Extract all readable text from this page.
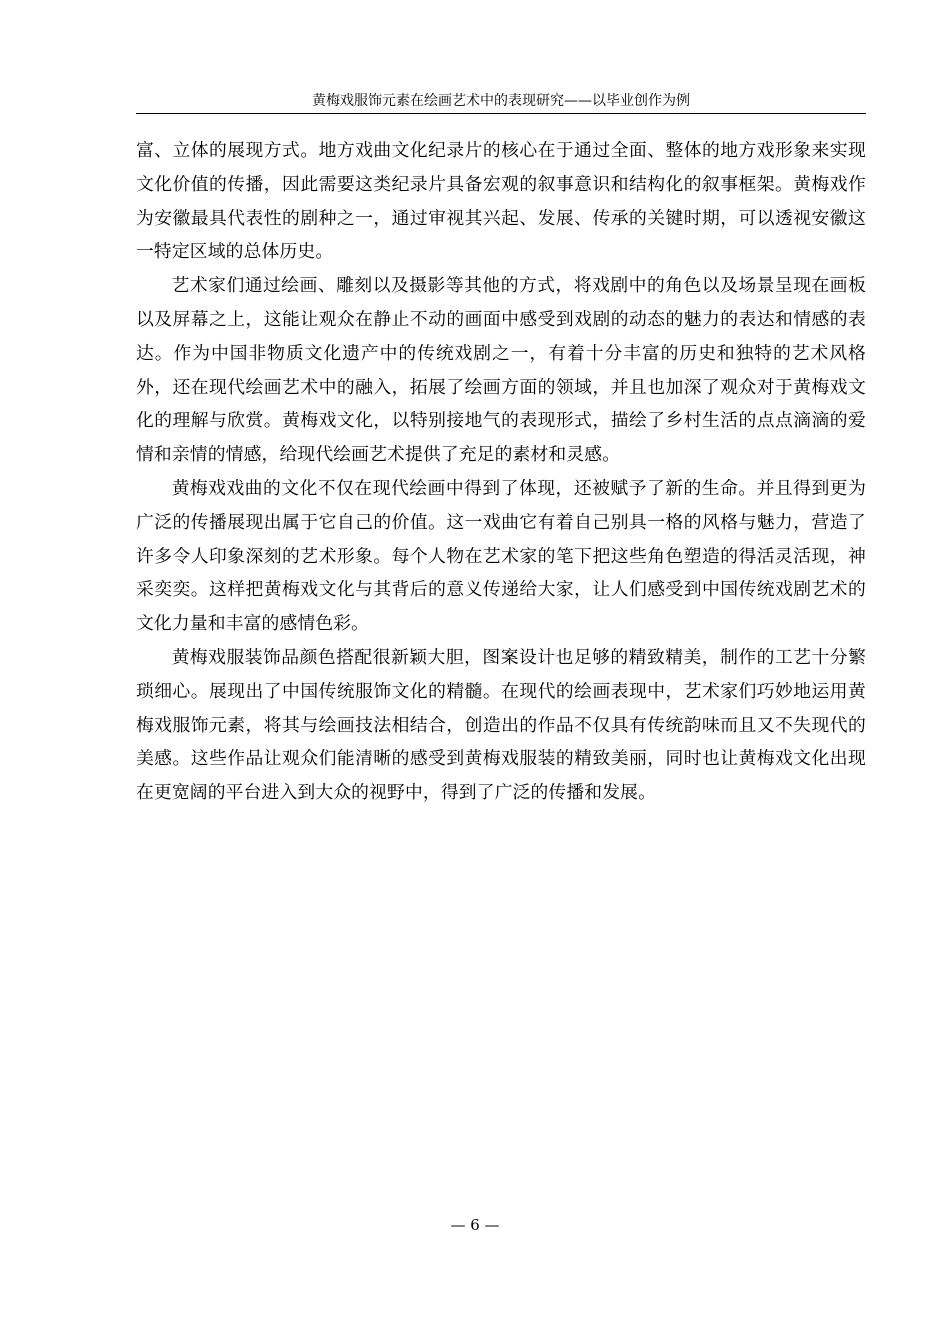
黄梅戏服饰元素在绘画艺术中的表现研究——以毕业创作为例

富、立体的展现方式。地方戏曲文化纪录片的核心在于通过全面、整体的地方戏形象来实现文化价值的传播，因此需要这类纪录片具备宏观的叙事意识和结构化的叙事框架。黄梅戏作为安徽最具代表性的剧种之一，通过审视其兴起、发展、传承的关键时期，可以透视安徽这一特定区域的总体历史。

艺术家们通过绘画、雕刻以及摄影等其他的方式，将戏剧中的角色以及场景呈现在画板以及屏幕之上，这能让观众在静止不动的画面中感受到戏剧的动态的魅力的表达和情感的表达。作为中国非物质文化遗产中的传统戏剧之一，有着十分丰富的历史和独特的艺术风格外，还在现代绘画艺术中的融入，拓展了绘画方面的领域，并且也加深了观众对于黄梅戏文化的理解与欣赏。黄梅戏文化，以特别接地气的表现形式，描绘了乡村生活的点点滴滴的爱情和亲情的情感，给现代绘画艺术提供了充足的素材和灵感。

黄梅戏戏曲的文化不仅在现代绘画中得到了体现，还被赋予了新的生命。并且得到更为广泛的传播展现出属于它自己的价值。这一戏曲它有着自己别具一格的风格与魅力，营造了许多令人印象深刻的艺术形象。每个人物在艺术家的笔下把这些角色塑造的得活灵活现，神采奕奕。这样把黄梅戏文化与其背后的意义传递给大家，让人们感受到中国传统戏剧艺术的文化力量和丰富的感情色彩。

黄梅戏服装饰品颜色搭配很新颖大胆，图案设计也足够的精致精美，制作的工艺十分繁琐细心。展现出了中国传统服饰文化的精髓。在现代的绘画表现中，艺术家们巧妙地运用黄梅戏服饰元素，将其与绘画技法相结合，创造出的作品不仅具有传统韵味而且又不失现代的美感。这些作品让观众们能清晰的感受到黄梅戏服装的精致美丽，同时也让黄梅戏文化出现在更宽阔的平台进入到大众的视野中，得到了广泛的传播和发展。

— 6 —
